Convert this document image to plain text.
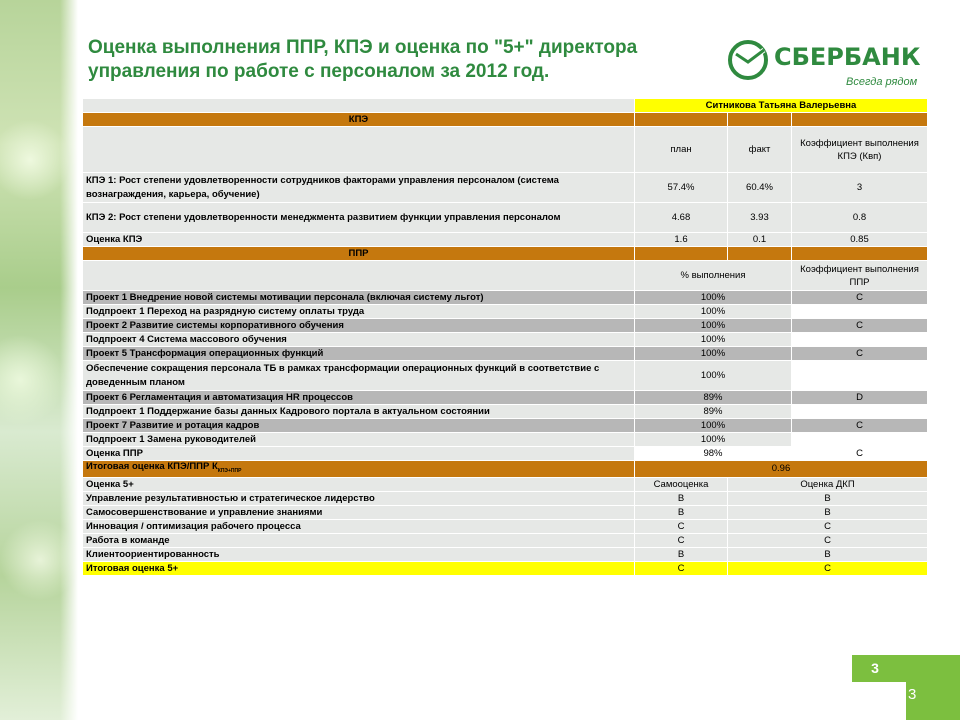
Оценка выполнения ППР, КПЭ и оценка по "5+" директора управления по работе с персоналом за 2012 год.
СБЕРБАНК
Всегда рядом
	Ситникова Татьяна Валерьевна		
КПЭ			
	план	факт	Коэффициент выполнения КПЭ (Квп)
КПЭ 1: Рост степени удовлетворенности сотрудников факторами управления персоналом (система вознаграждения, карьера, обучение)	57.4%	60.4%	3
КПЭ 2: Рост степени удовлетворенности менеджмента развитием функции управления персоналом	4.68	3.93	0.8
Оценка КПЭ	1.6	0.1	0.85
ППР			
	% выполнения		Коэффициент выполнения ППР
Проект 1 Внедрение новой системы мотивации персонала (включая систему льгот)	100%		C
Подпроект 1 Переход на разрядную систему оплаты труда	100%		
Проект 2 Развитие системы корпоративного обучения	100%		C
Подпроект 4 Система массового обучения	100%		
Проект 5 Трансформация операционных функций	100%		C
Обеспечение сокращения персонала ТБ в рамках трансформации операционных функций в соответствие с доведенным планом	100%		
Проект 6 Регламентация и автоматизация HR процессов	89%		D
Подпроект 1 Поддержание базы данных Кадрового портала в актуальном состоянии	89%		
Проект 7 Развитие и ротация кадров	100%		C
Подпроект 1 Замена руководителей	100%		
Оценка ППР	98%		C
Итоговая оценка КПЭ/ППР $К_{КПЭ+ППР}$	0.96		
Оценка 5+	Самооценка	Оценка ДКП	
Управление результативностью и стратегическое лидерство	B	B	
Самосовершенствование и управление знаниями	B	B	
Инновация / оптимизация рабочего процесса	C	C	
Работа в команде	C	C	
Клиентоориентированность	B	B	
Итоговая оценка 5+	C	C	
3
3
